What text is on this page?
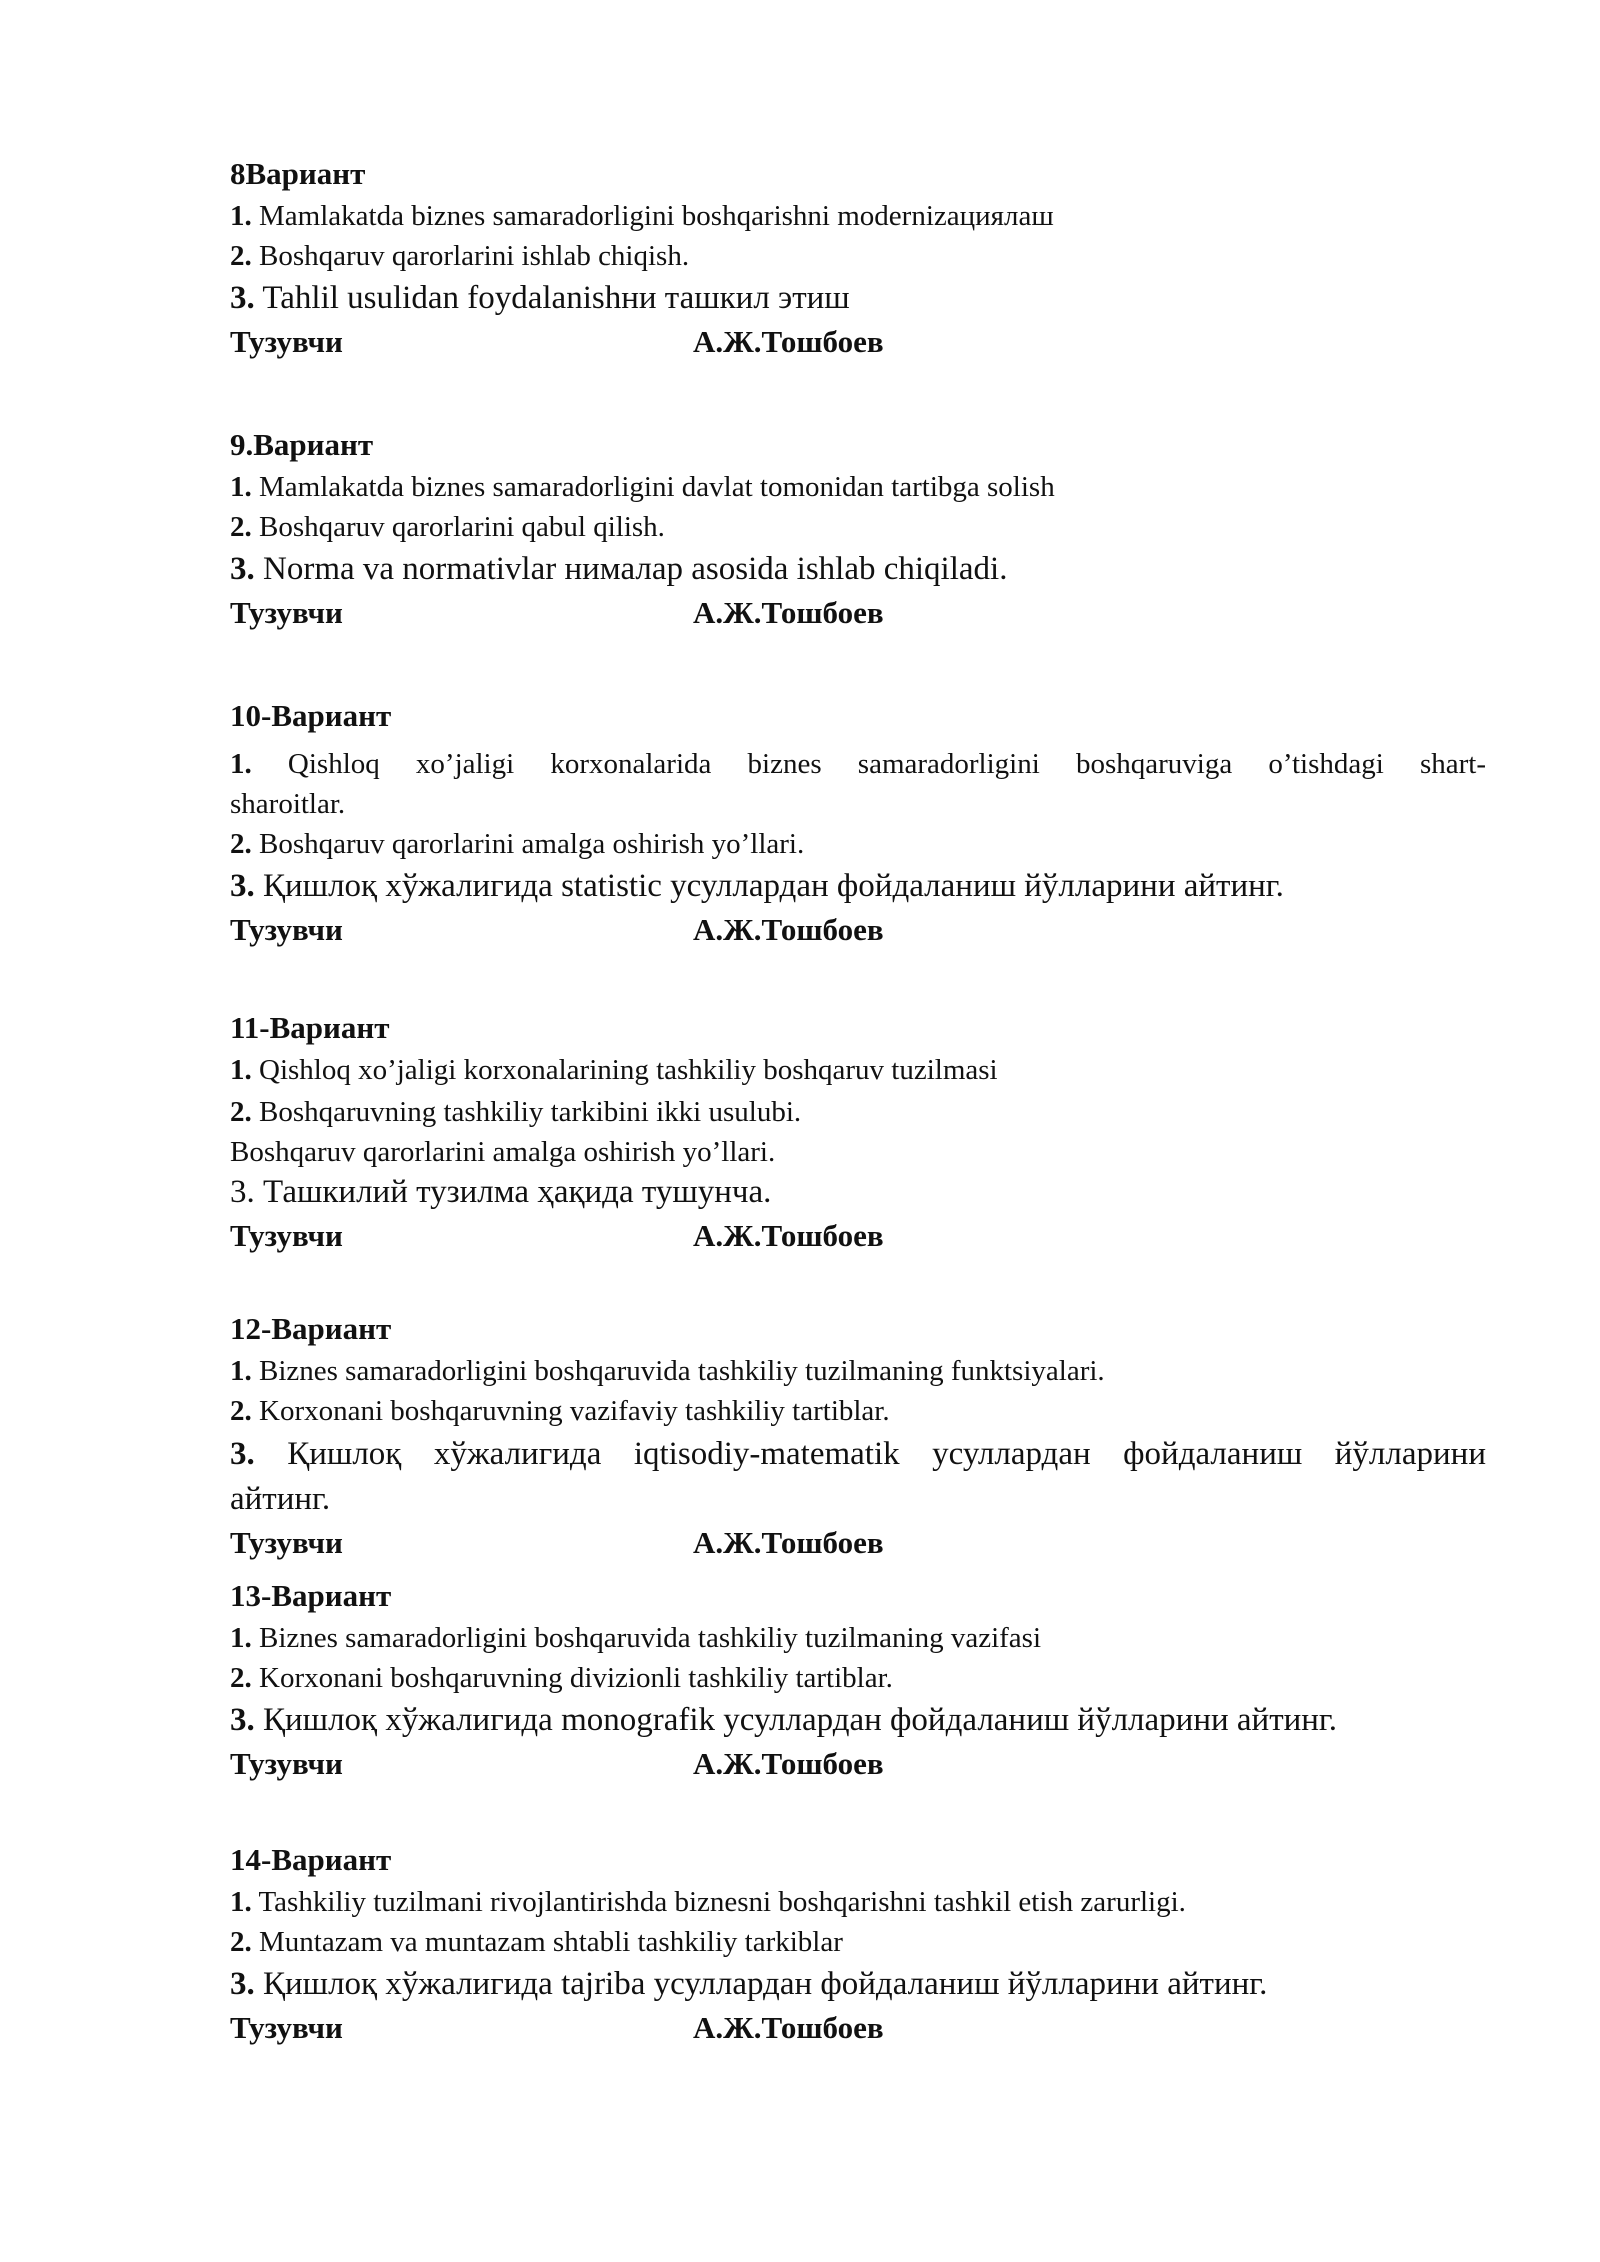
8Вариант
1. Mamlakatda biznes samaradorligini boshqarishni modernizaциялаш
2. Boshqaruv qarorlarini ishlab chiqish.
3. Tahlil usulidan foydalanishни ташкил этиш
Тузувчи	А.Ж.Тошбоев
9.Вариант
1. Mamlakatda biznes samaradorligini davlat tomonidan tartibga solish
2. Boshqaruv qarorlarini qabul qilish.
3. Norma va normativlar нималар asosida ishlab chiqiladi.
Тузувчи	А.Ж.Тошбоев
10-Вариант
1. Qishloq xo’jaligi korxonalarida biznes samaradorligini boshqaruviga o’tishdagi shart-
sharoitlar.
2. Boshqaruv qarorlarini amalga oshirish yo’llari.
3. Қишлоқ хўжалигида statistic усуллардан фойдаланиш йўлларини айтинг.
Тузувчи	А.Ж.Тошбоев
11-Вариант
1. Qishloq xo’jaligi korxonalarining tashkiliy boshqaruv tuzilmasi
2. Boshqaruvning tashkiliy tarkibini ikki usulubi.
Boshqaruv qarorlarini amalga oshirish yo’llari.
3. Ташкилий тузилма ҳақида тушунча.
Тузувчи	А.Ж.Тошбоев
12-Вариант
1. Biznes samaradorligini boshqaruvida tashkiliy tuzilmaning funktsiyalari.
2. Korxonani boshqaruvning vazifaviy tashkiliy tartiblar.
3. Қишлоқ хўжалигида iqtisodiy-matematik усуллардан фойдаланиш йўлларини
айтинг.
Тузувчи	А.Ж.Тошбоев
13-Вариант
1. Biznes samaradorligini boshqaruvida tashkiliy tuzilmaning vazifasi
2. Korxonani boshqaruvning divizionli tashkiliy tartiblar.
3. Қишлоқ хўжалигида monografik усуллардан фойдаланиш йўлларини айтинг.
Тузувчи	А.Ж.Тошбоев
14-Вариант
1. Tashkiliy tuzilmani rivojlantirishda biznesni boshqarishni tashkil etish zarurligi.
2. Muntazam va muntazam shtabli tashkiliy tarkiblar
3. Қишлоқ хўжалигида tajriba усуллардан фойдаланиш йўлларини айтинг.
Тузувчи	А.Ж.Тошбоев
